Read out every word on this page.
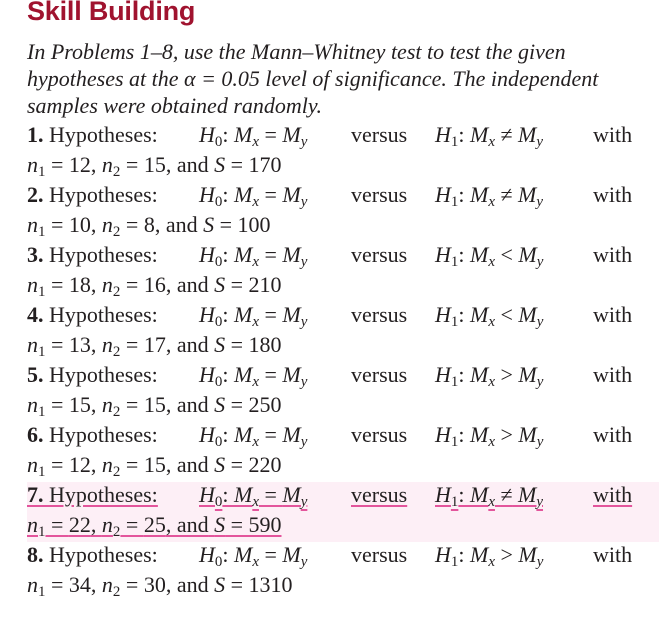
Skill Building

In Problems 1–8, use the Mann–Whitney test to test the given hypotheses at the α = 0.05 level of significance. The independent samples were obtained randomly.

1. Hypotheses:	$H_0$: $M_x = M_y$	versus	$H_1$: $M_x \ne M_y$	with
$n_1 = 12$, $n_2 = 15$, and S = 170
2. Hypotheses:	$H_0$: $M_x = M_y$	versus	$H_1$: $M_x \ne M_y$	with
$n_1 = 10$, $n_2 = 8$, and S = 100
3. Hypotheses:	$H_0$: $M_x = M_y$	versus	$H_1$: $M_x < M_y$	with
$n_1 = 18$, $n_2 = 16$, and S = 210
4. Hypotheses:	$H_0$: $M_x = M_y$	versus	$H_1$: $M_x < M_y$	with
$n_1 = 13$, $n_2 = 17$, and S = 180
5. Hypotheses:	$H_0$: $M_x = M_y$	versus	$H_1$: $M_x > M_y$	with
$n_1 = 15$, $n_2 = 15$, and S = 250
6. Hypotheses:	$H_0$: $M_x = M_y$	versus	$H_1$: $M_x > M_y$	with
$n_1 = 12$, $n_2 = 15$, and S = 220
7. Hypotheses:	$H_0$: $M_x = M_y$	versus	$H_1$: $M_x \ne M_y$	with
$n_1 = 22$, $n_2 = 25$, and S = 590
8. Hypotheses:	$H_0$: $M_x = M_y$	versus	$H_1$: $M_x > M_y$	with
$n_1 = 34$, $n_2 = 30$, and S = 1310
